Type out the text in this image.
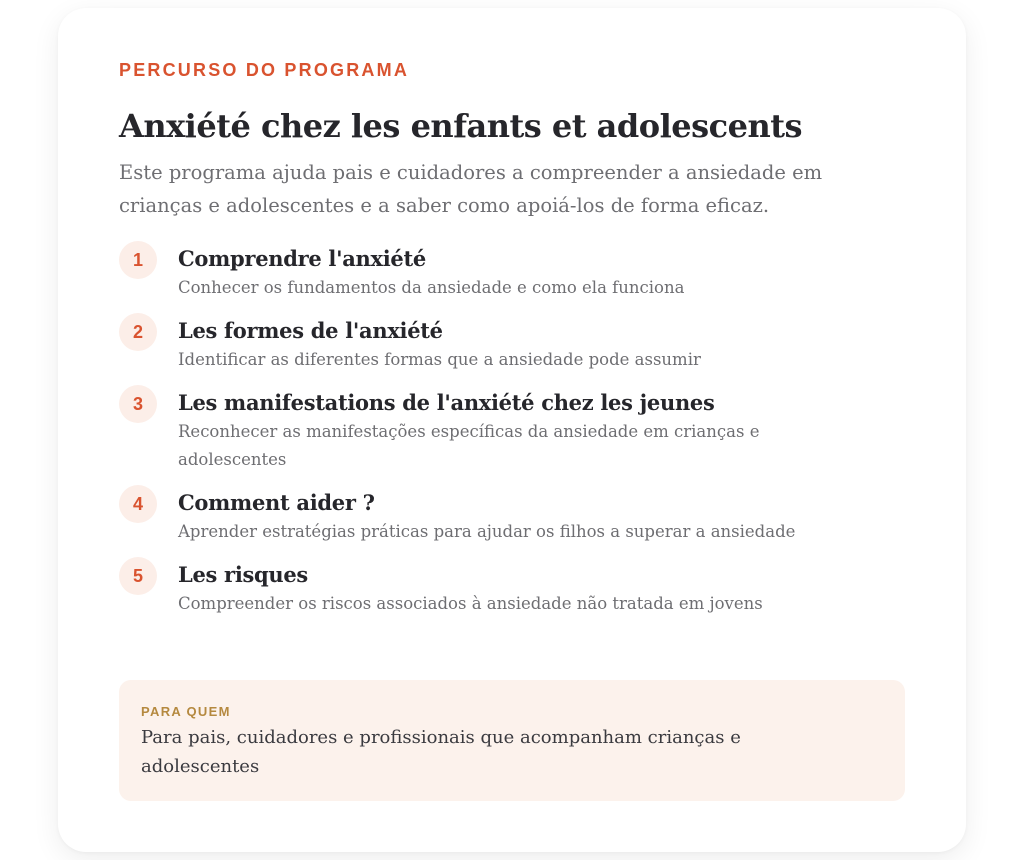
PERCURSO DO PROGRAMA

Anxiété chez les enfants et adolescents

Este programa ajuda pais e cuidadores a compreender a ansiedade em crianças e adolescentes e a saber como apoiá-los de forma eficaz.

1	Comprendre l'anxiété
Conhecer os fundamentos da ansiedade e como ela funciona
2	Les formes de l'anxiété
Identificar as diferentes formas que a ansiedade pode assumir
3	Les manifestations de l'anxiété chez les jeunes
Reconhecer as manifestações específicas da ansiedade em crianças e adolescentes
4	Comment aider ?
Aprender estratégias práticas para ajudar os filhos a superar a ansiedade
5	Les risques
Compreender os riscos associados à ansiedade não tratada em jovens
PARA QUEM
Para pais, cuidadores e profissionais que acompanham crianças e adolescentes
